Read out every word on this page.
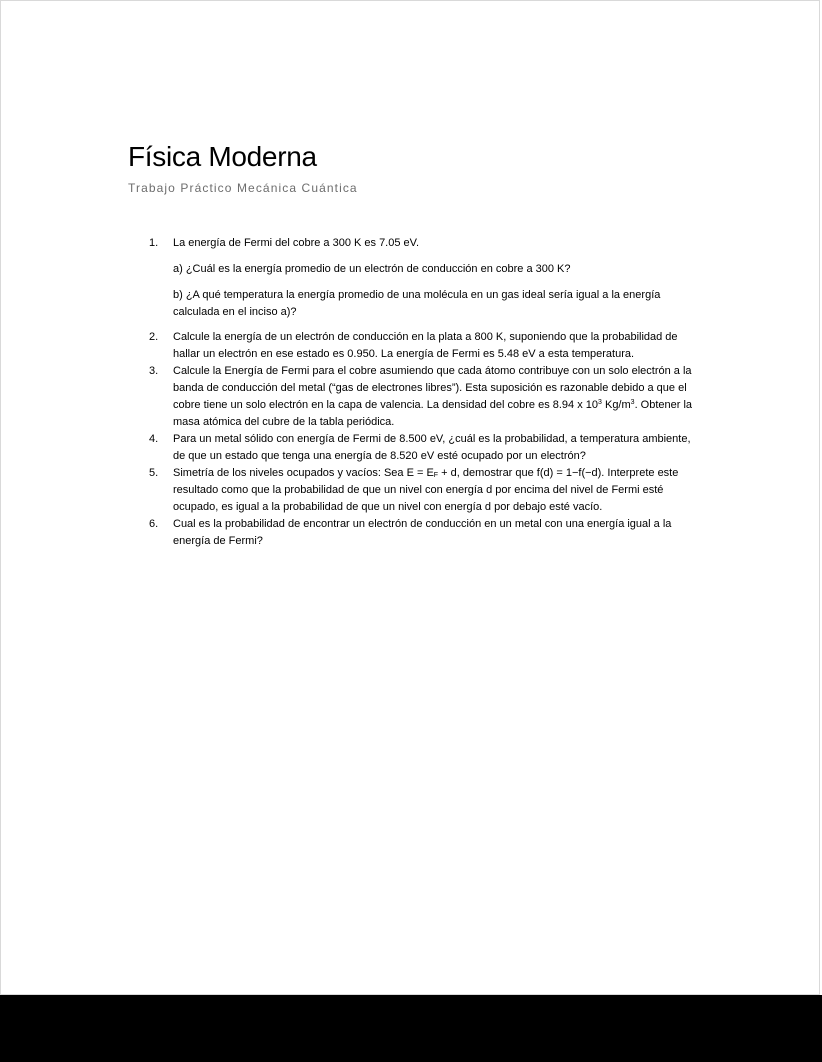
Física Moderna

Trabajo Práctico Mecánica Cuántica

1.	La energía de Fermi del cobre a 300 K es 7.05 eV.

a) ¿Cuál es la energía promedio de un electrón de conducción en cobre a 300 K?

b) ¿A qué temperatura la energía promedio de una molécula en un gas ideal sería igual a la energía calculada en el inciso a)?

2.	Calcule la energía de un electrón de conducción en la plata a 800 K, suponiendo que la probabilidad de hallar un electrón en ese estado es 0.950. La energía de Fermi es 5.48 eV a esta temperatura.

3.	Calcule la Energía de Fermi para el cobre asumiendo que cada átomo contribuye con un solo electrón a la banda de conducción del metal (“gas de electrones libres”). Esta suposición es razonable debido a que el cobre tiene un solo electrón en la capa de valencia. La densidad del cobre es 8.94 x $10^3$ $Kg/m^3$. Obtener la masa atómica del cubre de la tabla periódica.

4.	Para un metal sólido con energía de Fermi de 8.500 eV, ¿cuál es la probabilidad, a temperatura ambiente, de que un estado que tenga una energía de 8.520 eV esté ocupado por un electrón?

5.	Simetría de los niveles ocupados y vacíos: Sea $E = E_F + d$, demostrar que f(d) = 1−f(−d). Interprete este resultado como que la probabilidad de que un nivel con energía d por encima del nivel de Fermi esté ocupado, es igual a la probabilidad de que un nivel con energía d por debajo esté vacío.

6.	Cual es la probabilidad de encontrar un electrón de conducción en un metal con una energía igual a la energía de Fermi?
